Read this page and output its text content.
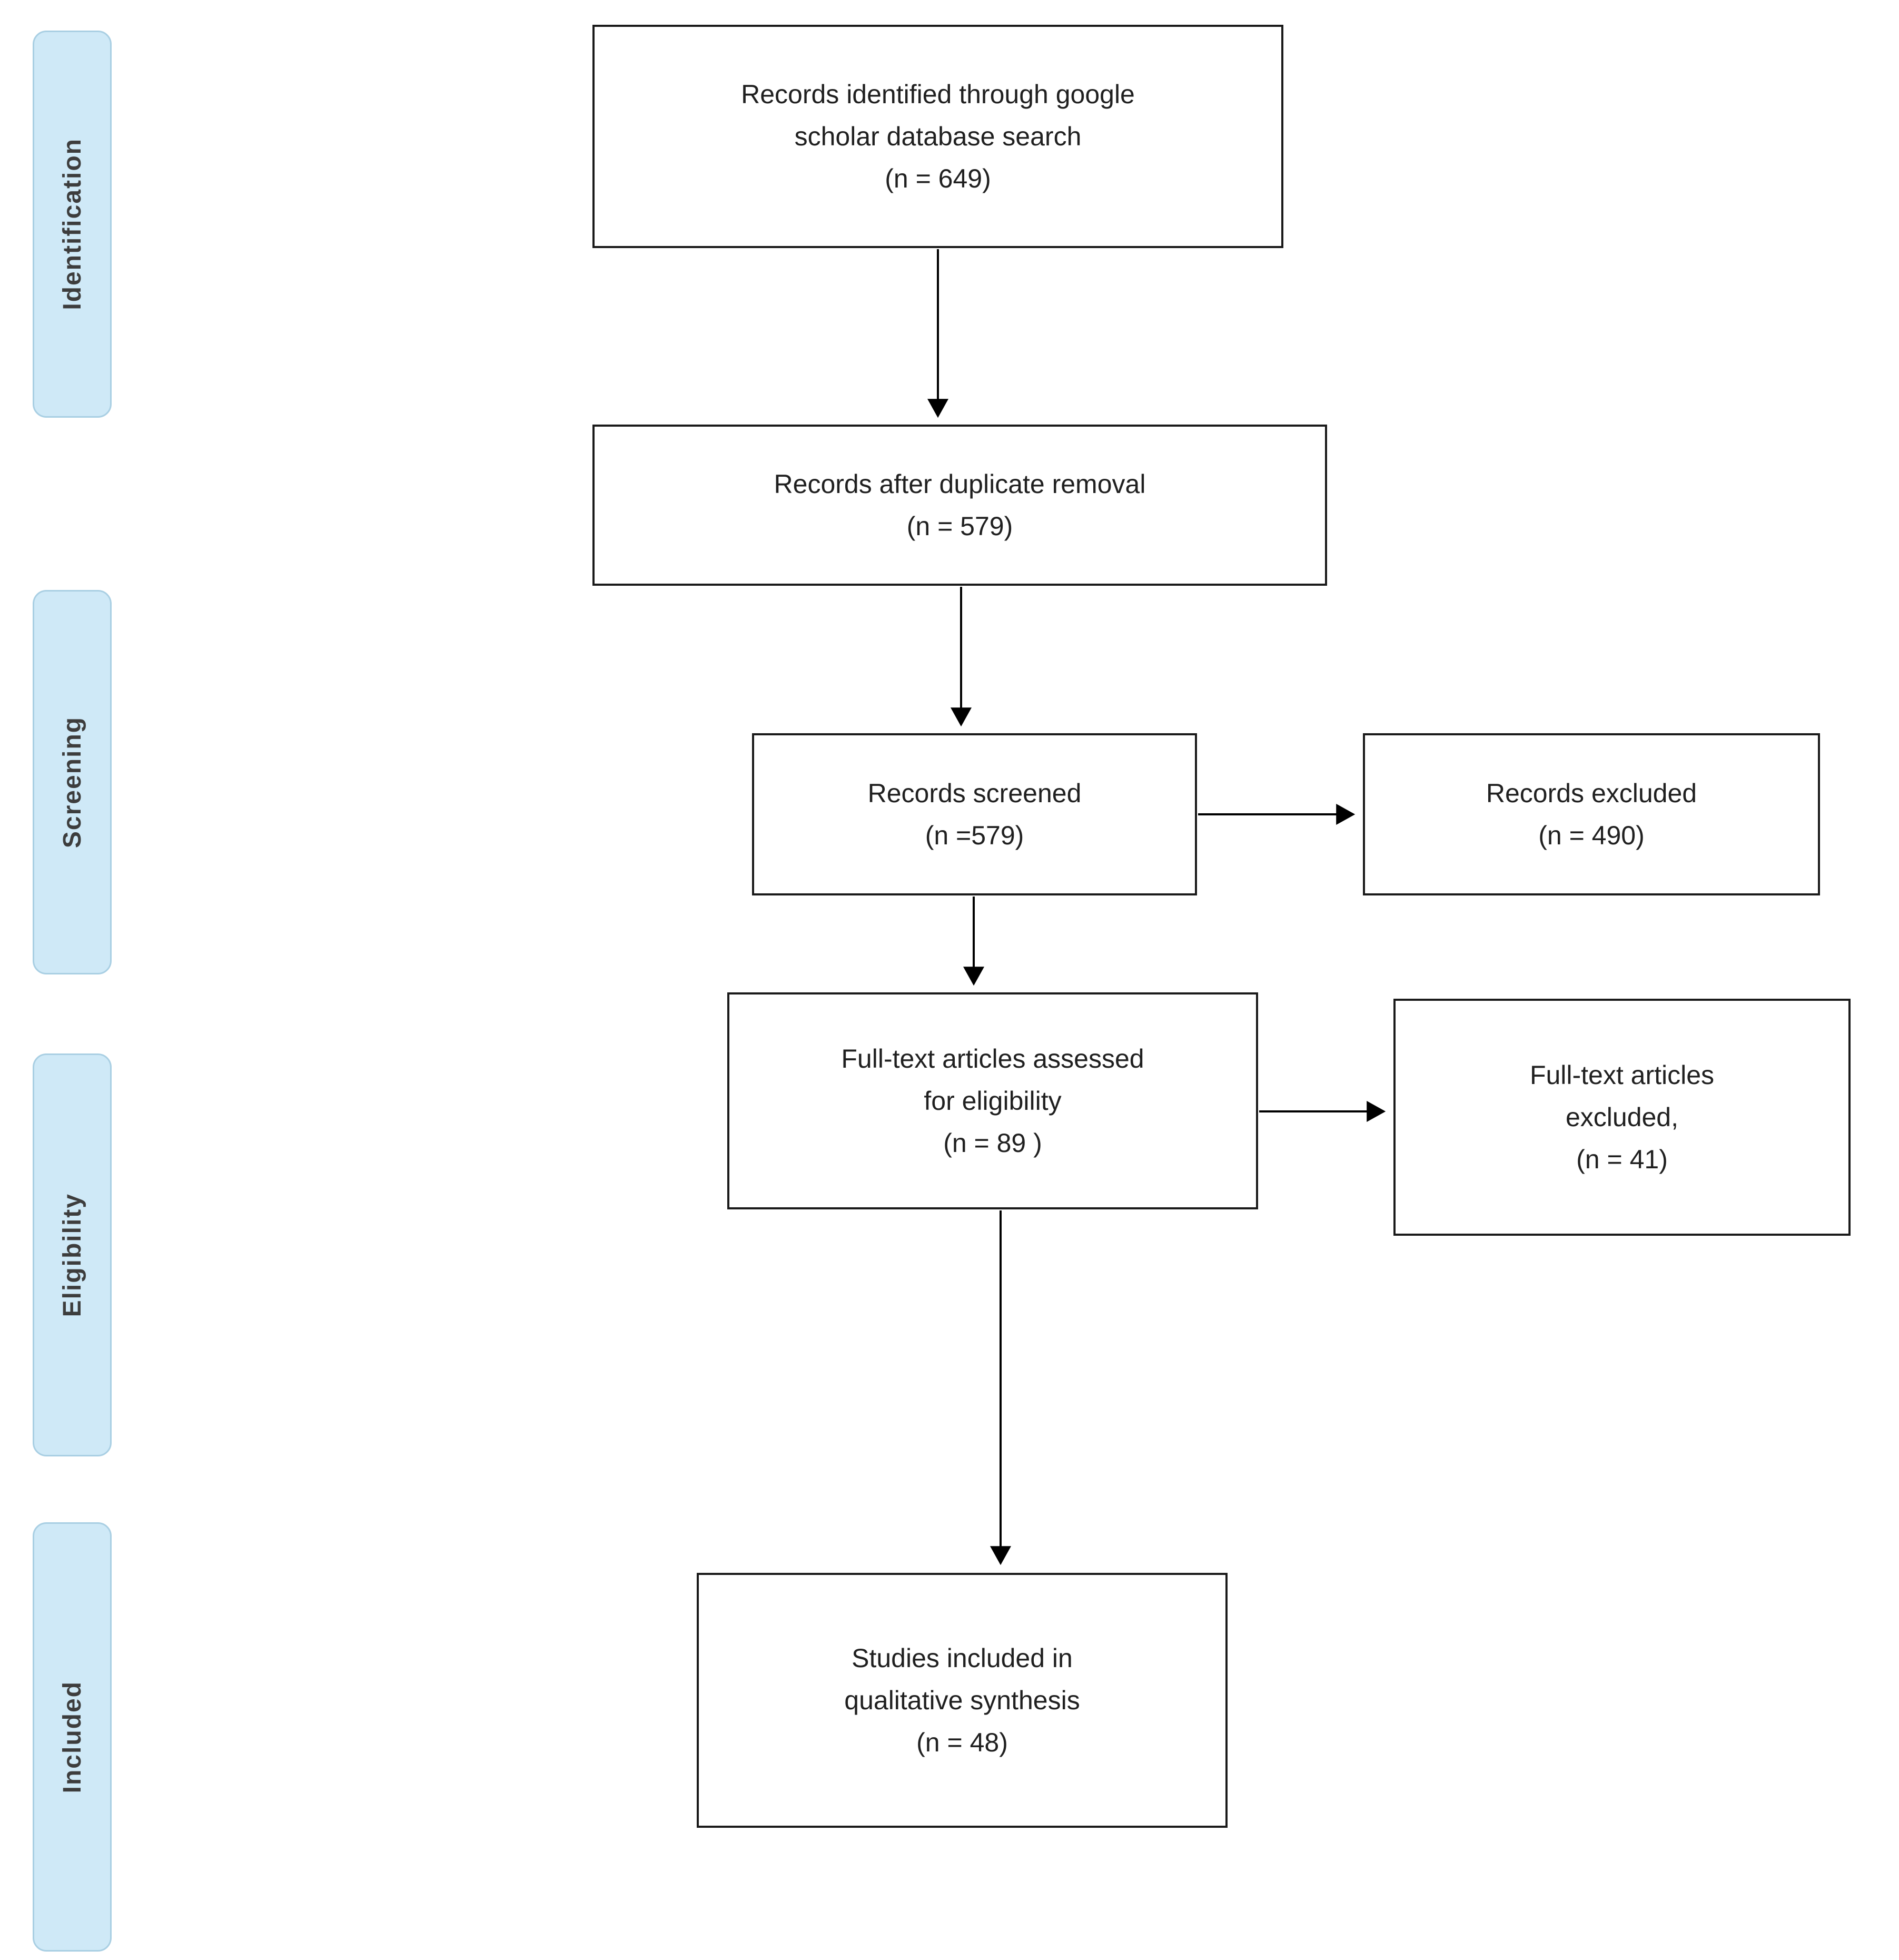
Identification
Screening
Eligibility
Included
Records identified through google
scholar database search
(n = 649)
Records after duplicate removal
(n = 579)
Records screened
(n =579)
Records excluded
(n = 490)
Full-text articles assessed
for eligibility
(n = 89 )
Full-text articles
excluded,
(n = 41)
Studies included in
qualitative synthesis
(n = 48)
